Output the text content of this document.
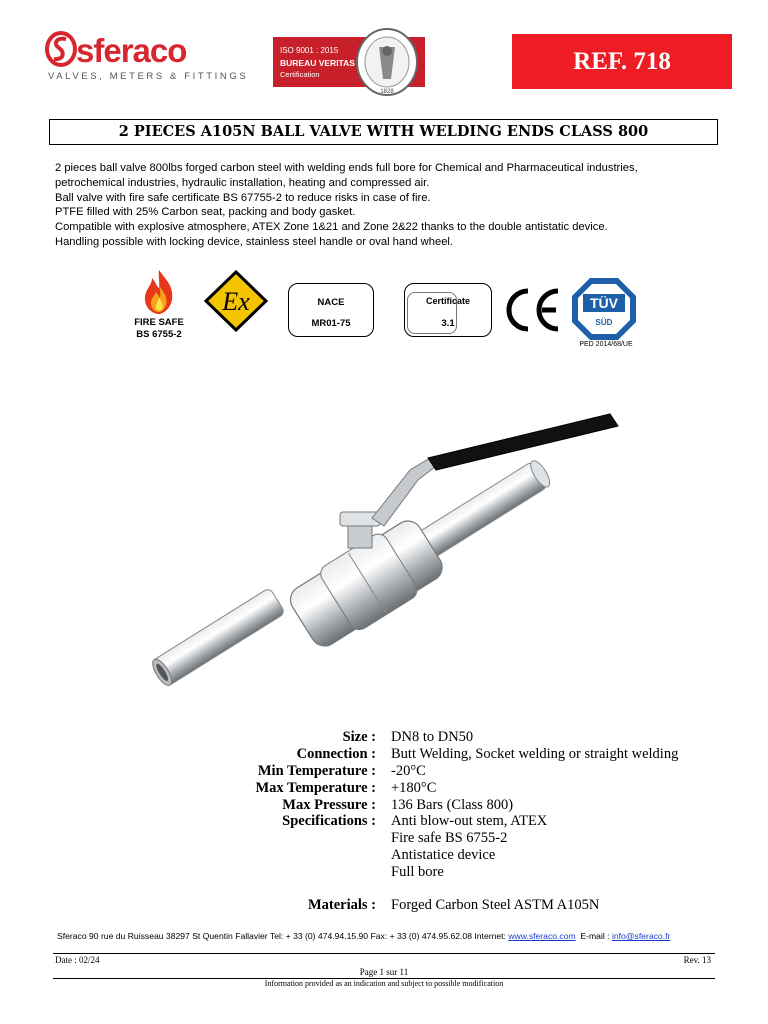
sferaco
VALVES, METERS & FITTINGS
ISO 9001 : 2015
BUREAU VERITAS
Certification
1828
REF. 718
2 PIECES A105N BALL VALVE WITH WELDING ENDS CLASS 800

2 pieces ball valve 800lbs forged carbon steel with welding ends full bore for Chemical and Pharmaceutical industries,

petrochemical industries, hydraulic installation, heating and compressed air.

Ball valve with fire safe certificate BS 67755-2 to reduce risks in case of fire.

PTFE filled with 25% Carbon seat, packing and body gasket.

Compatible with explosive atmosphere, ATEX Zone 1&21 and Zone 2&22 thanks to the double antistatic device.

Handling possible with locking device, stainless steel handle or oval hand wheel.

FIRE SAFE
BS 6755-2
Ex	NACE
MR01-75
Certificate
3.1
TÜV
SÜD
PED 2014/68/UE
Size : DN8 to DN50
Connection : Butt Welding, Socket welding or straight welding
Min Temperature : -20°C
Max Temperature : +180°C
Max Pressure : 136 Bars (Class 800)
Specifications : Anti blow-out stem, ATEX
Fire safe BS 6755-2
Antistatice device
Full bore
Materials : Forged Carbon Steel ASTM A105N
Sferaco 90 rue du Ruisseau 38297 St Quentin Fallavier Tel: + 33 (0) 474.94.15.90 Fax: + 33 (0) 474.95.62.08 Internet: www.sferaco.com  E-mail : info@sferaco.fr
Date : 02/24	Rev. 13
Page 1 sur 11
Information provided as an indication and subject to possible modification
